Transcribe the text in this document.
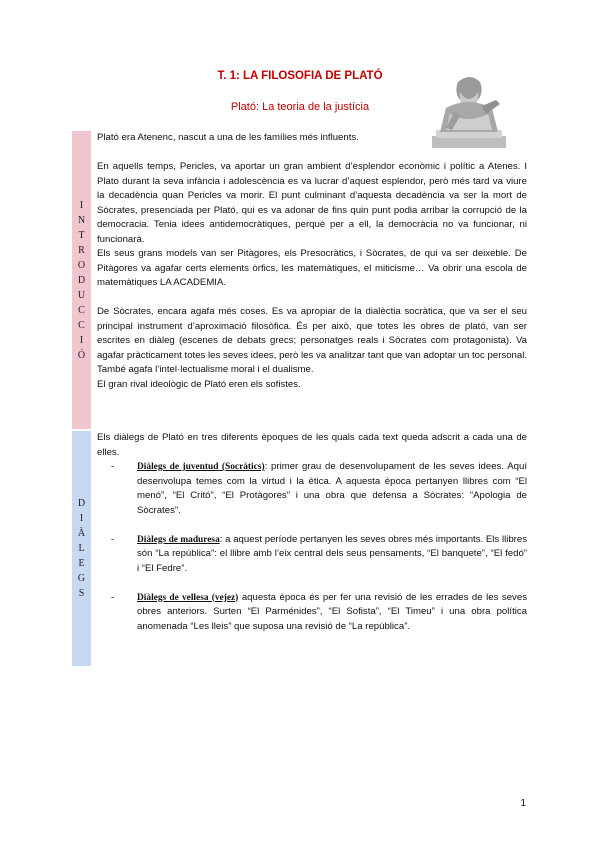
T. 1: LA FILOSOFIA DE PLATÓ
Plató: La teoria de la justícia
I
N
T
R
O
D
U
C
C
I
Ó

Plató era Atenenc, nascut a una de les famílies més influents.

En aquells temps, Pericles, va aportar un gran ambient d’esplendor econòmic i polític a Atenes. I Plato durant la seva infància i adolescència es va lucrar d’aquest esplendor, però més tard va viure la decadència quan Pericles va morir. El punt culminant d’aquesta decadència va ser la mort de Sòcrates, presenciada per Plató, qui es va adonar de fins quin punt podia arribar la corrupció de la democracia. Tenia idees antidemocràtiques, perquè per a ell, la democràcia no va funcionar, ni funcionarà.

Els seus grans models van ser Pitàgores, els Presocràtics, i Sòcrates, de qui va ser deixeble. De Pitàgores va agafar certs elements òrfics, les matemàtiques, el miticisme… Va obrir una escola de matemàtiques LA ACADEMIA.

De Sòcrates, encara agafa més coses. Es va apropiar de la dialèctia socràtica, que va ser el seu principal instrument d’aproximació filosòfica. És per això, que totes les obres de plató, van ser escrites en diàleg (escenes de debats grecs; personatges reals i Sòcrates com protagonista). Va agafar pràcticament totes les seves idees, però les va analitzar tant que van adoptar un toc personal. També agafa l’intel·lectualisme moral i el dualisme.

El gran rival ideològic de Plató eren els sofistes.

D
I
À
L
E
G
S

Els diàlegs de Plató en tres diferents èpoques de les quals cada text queda adscrit a cada una de elles.

- Diàlegs de juventud (Socràtics): primer grau de desenvolupament de les seves idees. Aquí desenvolupa temes com la virtud i la ètica. A aquesta època pertanyen llibres com “El menó”, “El Critó”, “El Protàgores” i una obra que defensa a Sòcrates: “Apologia de Sòcrates”.
- Diàlegs de maduresa: a aquest període pertanyen les seves obres més importants. Els llibres són “La república”: el llibre amb l’eix central dels seus pensaments, “El banquete”, “El fedó” i “El Fedre”.
- Diàlegs de vellesa (vejez) aquesta època és per fer una revisió de les errades de les seves obres anteriors. Surten “El Parménides”, “El Sofista”, “El Timeu” i una obra política anomenada “Les lleis” que suposa una revisió de “La república”.
1
